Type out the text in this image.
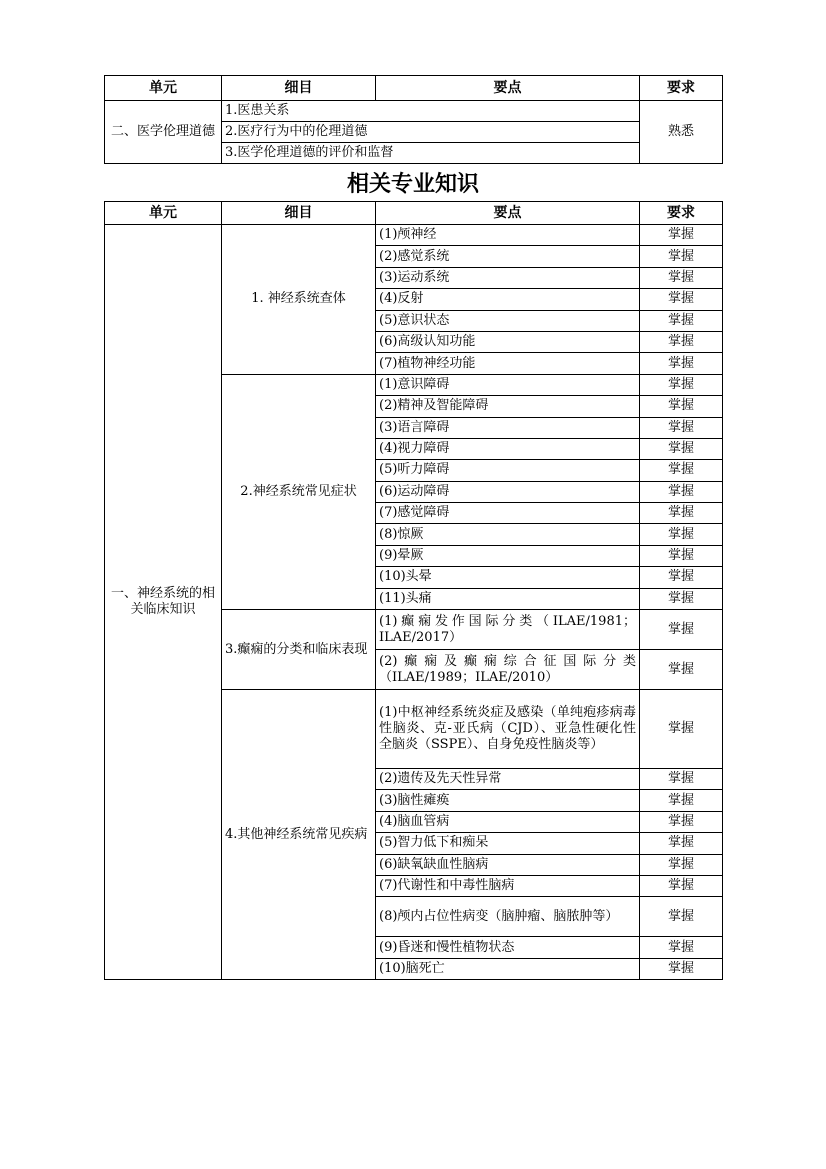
单元	细目	要点	要求
二、医学伦理道德	1.医患关系		熟悉
	2.医疗行为中的伦理道德		
	3.医学伦理道德的评价和监督		
相关专业知识
单元	细目	要点	要求
一、神经系统的相关临床知识	1. 神经系统查体	(1)颅神经	掌握
		(2)感觉系统	掌握
		(3)运动系统	掌握
		(4)反射	掌握
		(5)意识状态	掌握
		(6)高级认知功能	掌握
		(7)植物神经功能	掌握
	2.神经系统常见症状	(1)意识障碍	掌握
		(2)精神及智能障碍	掌握
		(3)语言障碍	掌握
		(4)视力障碍	掌握
		(5)听力障碍	掌握
		(6)运动障碍	掌握
		(7)感觉障碍	掌握
		(8)惊厥	掌握
		(9)晕厥	掌握
		(10)头晕	掌握
		(11)头痛	掌握
	3.癫痫的分类和临床表现	(1)癫痫发作国际分类（ILAE/1981；ILAE/2017）	掌握
		(2)癫痫及癫痫综合征国际分类（ILAE/1989；ILAE/2010）	掌握
	4.其他神经系统常见疾病	(1)中枢神经系统炎症及感染（单纯疱疹病毒性脑炎、克-亚氏病（CJD）、亚急性硬化性全脑炎（SSPE）、自身免疫性脑炎等）	掌握
		(2)遗传及先天性异常	掌握
		(3)脑性瘫痪	掌握
		(4)脑血管病	掌握
		(5)智力低下和痴呆	掌握
		(6)缺氧缺血性脑病	掌握
		(7)代谢性和中毒性脑病	掌握
		(8)颅内占位性病变（脑肿瘤、脑脓肿等）	掌握
		(9)昏迷和慢性植物状态	掌握
		(10)脑死亡	掌握
